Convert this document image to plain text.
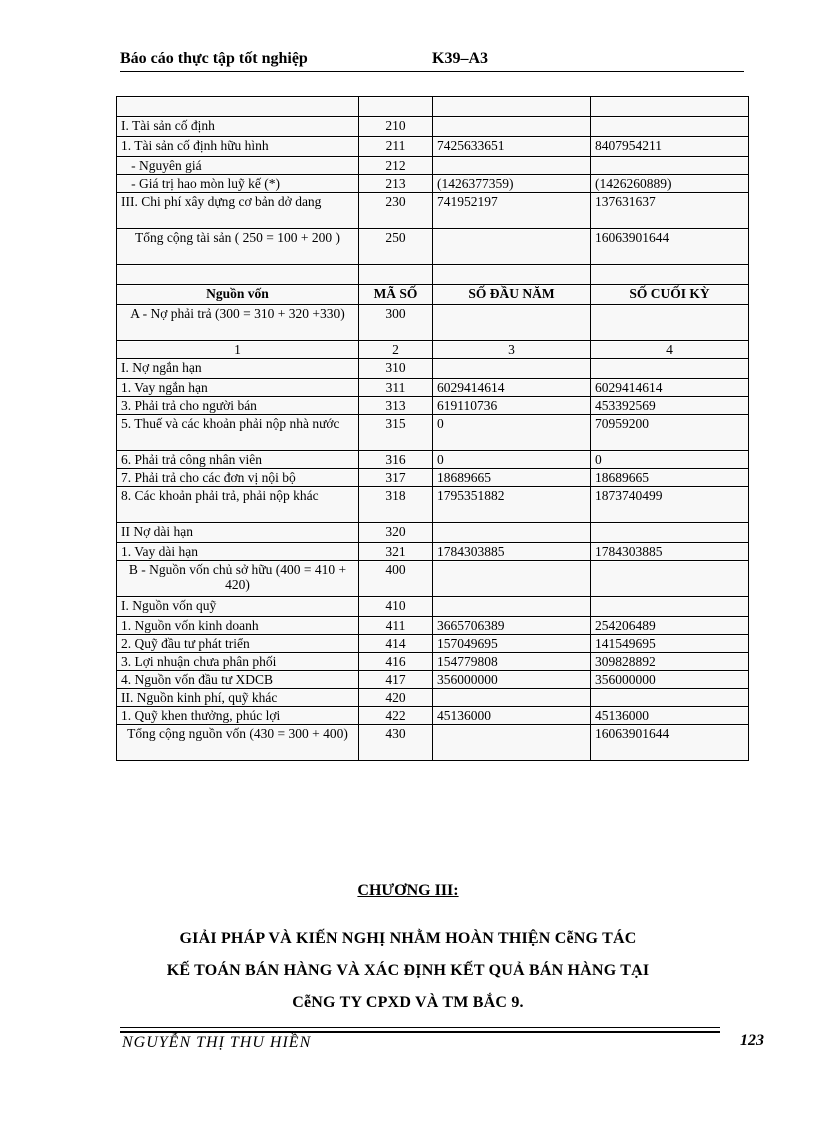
Báo cáo thực tập tốt nghiệp	K39–A3

I. Tài sản cố định	210		
1. Tài sản cố định hữu hình	211	7425633651	8407954211
- Nguyên giá	212		
- Giá trị hao mòn luỹ kế (*)	213	(1426377359)	(1426260889)
III. Chi phí xây dựng cơ bản dở dang	230	741952197	137631637
Tổng cộng tài sản ( 250 = 100 + 200 )	250		16063901644

Nguồn vốn	MÃ SỐ	SỐ ĐẦU NĂM	SỐ CUỐI KỲ
A - Nợ phải trả (300 = 310 + 320 +330)	300		
1	2	3	4
I. Nợ ngắn hạn	310		
1. Vay ngắn hạn	311	6029414614	6029414614
3. Phải trả cho người bán	313	619110736	453392569
5. Thuế và các khoản phải nộp nhà nước	315	0	70959200
6. Phải trả công nhân viên	316	0	0
7. Phải trả cho các đơn vị nội bộ	317	18689665	18689665
8. Các khoản phải trả, phải nộp khác	318	1795351882	1873740499
II Nợ dài hạn	320		
1. Vay dài hạn	321	1784303885	1784303885
B - Nguồn vốn chủ sở hữu (400 = 410 + 420)	400		
I. Nguồn vốn quỹ	410		
1. Nguồn vốn kinh doanh	411	3665706389	254206489
2. Quỹ đầu tư phát triển	414	157049695	141549695
3. Lợi nhuận chưa phân phối	416	154779808	309828892
4. Nguồn vốn đầu tư XDCB	417	356000000	356000000
II. Nguồn kinh phí, quỹ khác	420		
1. Quỹ khen thưởng, phúc lợi	422	45136000	45136000
Tổng cộng nguồn vốn (430 = 300 + 400)	430		16063901644
CHƯƠNG III:
GIẢI PHÁP VÀ KIẾN NGHỊ NHẰM HOÀN THIỆN CễNG TÁC
KẾ TOÁN BÁN HÀNG VÀ XÁC ĐỊNH KẾT QUẢ BÁN HÀNG TẠI
CễNG TY CPXD VÀ TM BẮC 9.
NGUYỄN THỊ THU HIỀN	123
